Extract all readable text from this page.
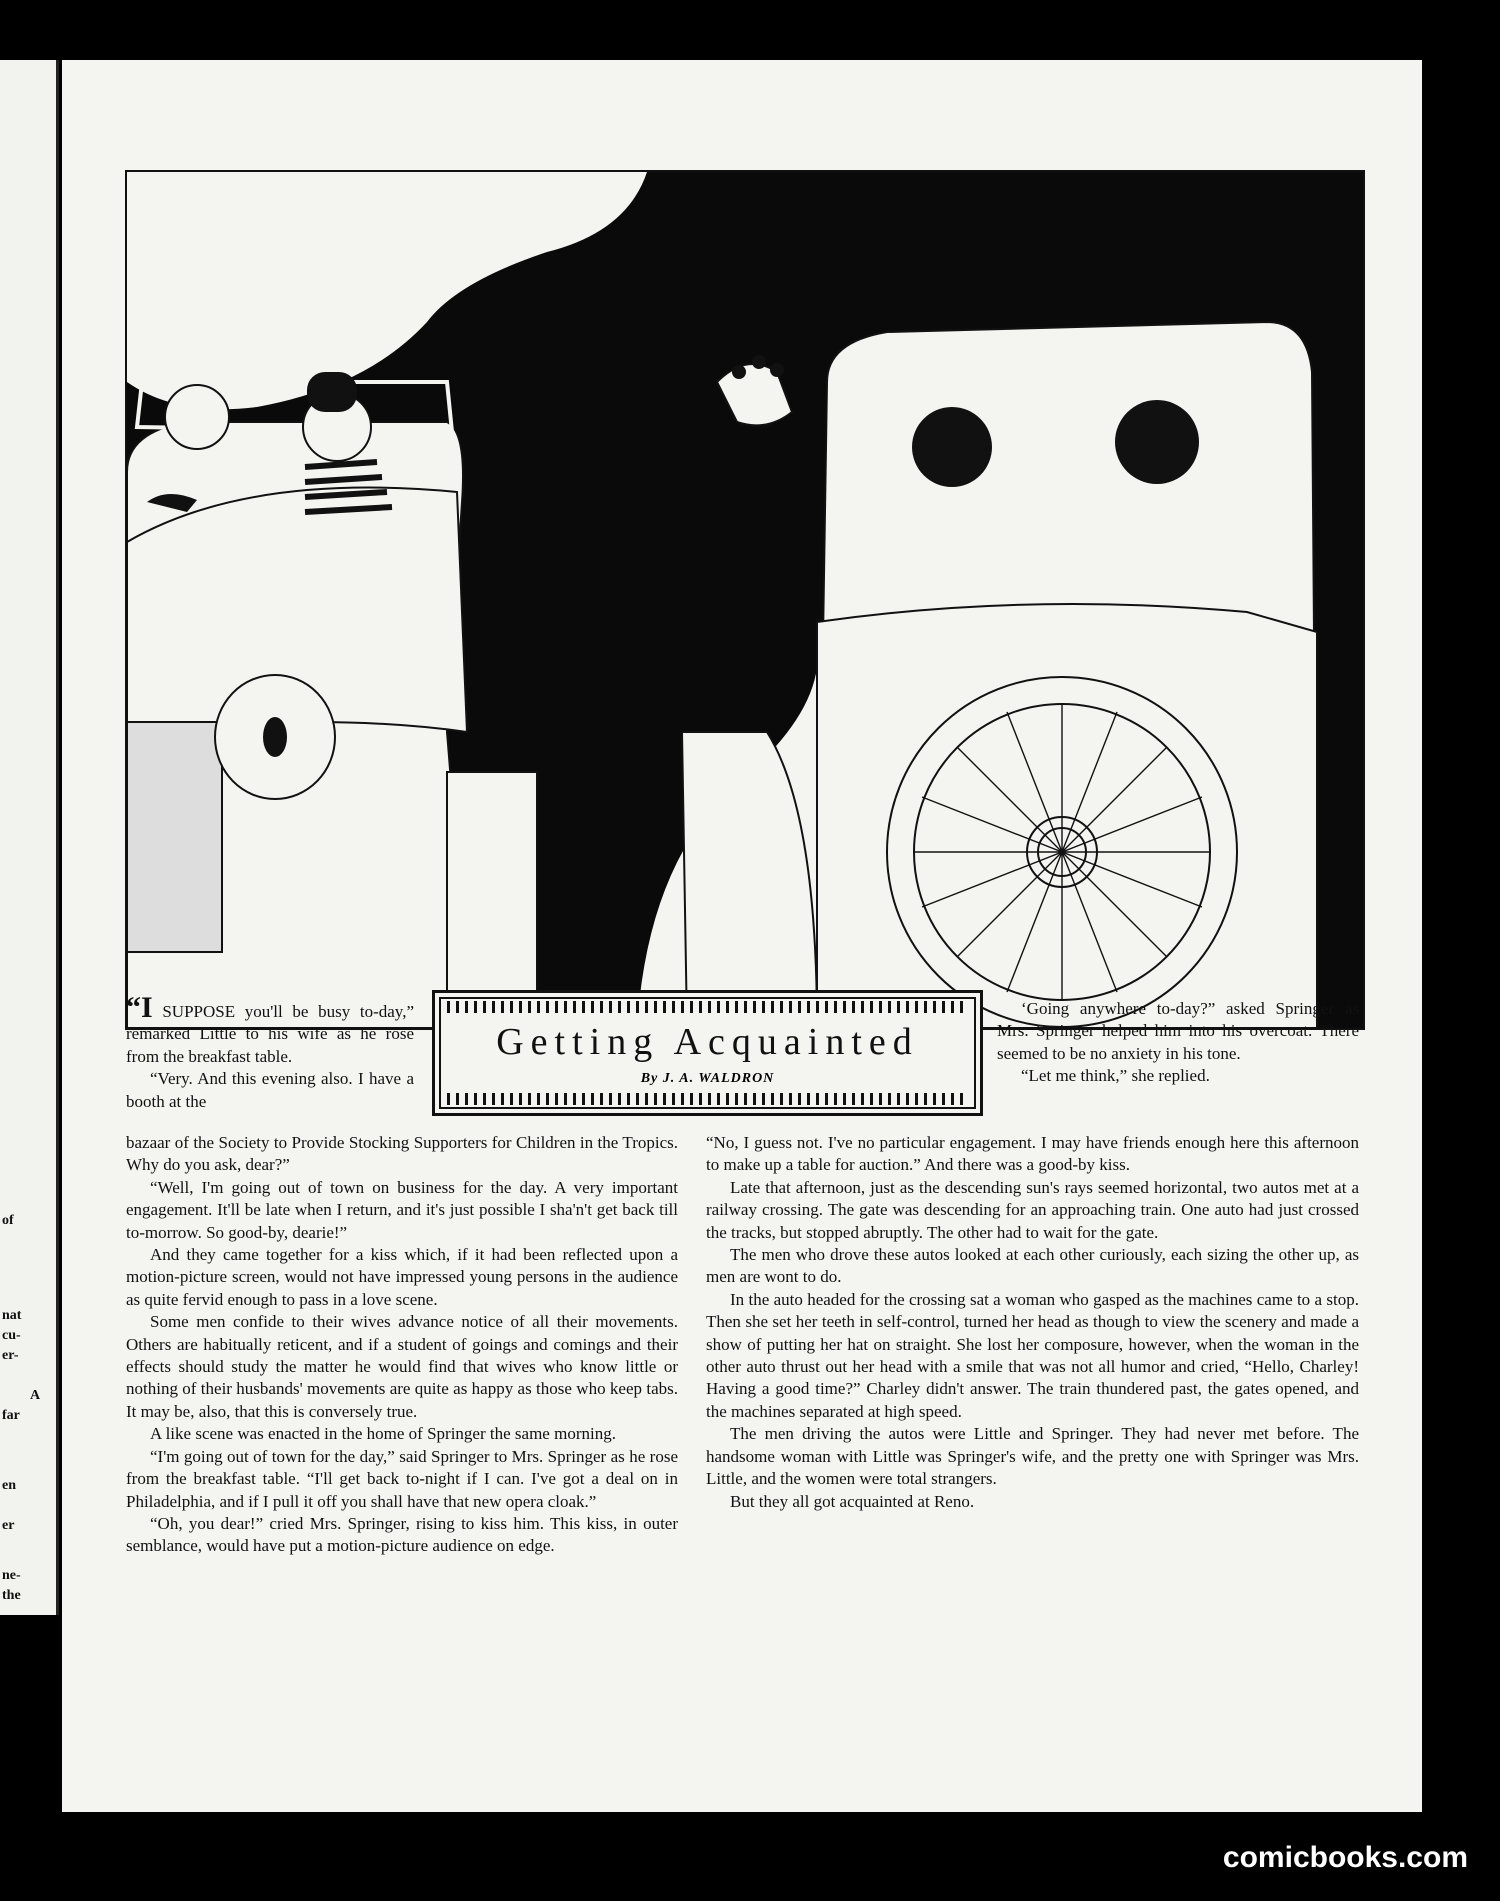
of
nat
cu-
er-
A
far
en
er
ne-
the
Getting Acquainted
By J. A. WALDRON

“I SUPPOSE you'll be busy to-day,” remarked Little to his wife as he rose from the breakfast table.

“Very. And this evening also. I have a booth at the

bazaar of the Society to Provide Stocking Supporters for Children in the Tropics. Why do you ask, dear?”

“Well, I'm going out of town on business for the day. A very important engagement. It'll be late when I return, and it's just possible I sha'n't get back till to-morrow. So good-by, dearie!”

And they came together for a kiss which, if it had been reflected upon a motion-picture screen, would not have impressed young persons in the audience as quite fervid enough to pass in a love scene.

Some men confide to their wives advance notice of all their movements. Others are habitually reticent, and if a student of goings and comings and their effects should study the matter he would find that wives who know little or nothing of their husbands' movements are quite as happy as those who keep tabs. It may be, also, that this is conversely true.

A like scene was enacted in the home of Springer the same morning.

“I'm going out of town for the day,” said Springer to Mrs. Springer as he rose from the breakfast table. “I'll get back to-night if I can. I've got a deal on in Philadelphia, and if I pull it off you shall have that new opera cloak.”

“Oh, you dear!” cried Mrs. Springer, rising to kiss him. This kiss, in outer semblance, would have put a motion-picture audience on edge.

‘Going anywhere to-day?” asked Springer as Mrs. Springer helped him into his overcoat. There seemed to be no anxiety in his tone.

“Let me think,” she replied.

“No, I guess not. I've no particular engagement. I may have friends enough here this afternoon to make up a table for auction.” And there was a good-by kiss.

Late that afternoon, just as the descending sun's rays seemed horizontal, two autos met at a railway crossing. The gate was descending for an approaching train. One auto had just crossed the tracks, but stopped abruptly. The other had to wait for the gate.

The men who drove these autos looked at each other curiously, each sizing the other up, as men are wont to do.

In the auto headed for the crossing sat a woman who gasped as the machines came to a stop. Then she set her teeth in self-control, turned her head as though to view the scenery and made a show of putting her hat on straight. She lost her composure, however, when the woman in the other auto thrust out her head with a smile that was not all humor and cried, “Hello, Charley! Having a good time?” Charley didn't answer. The train thundered past, the gates opened, and the machines separated at high speed.

The men driving the autos were Little and Springer. They had never met before. The handsome woman with Little was Springer's wife, and the pretty one with Springer was Mrs. Little, and the women were total strangers.

But they all got acquainted at Reno.

comicbooks.com
